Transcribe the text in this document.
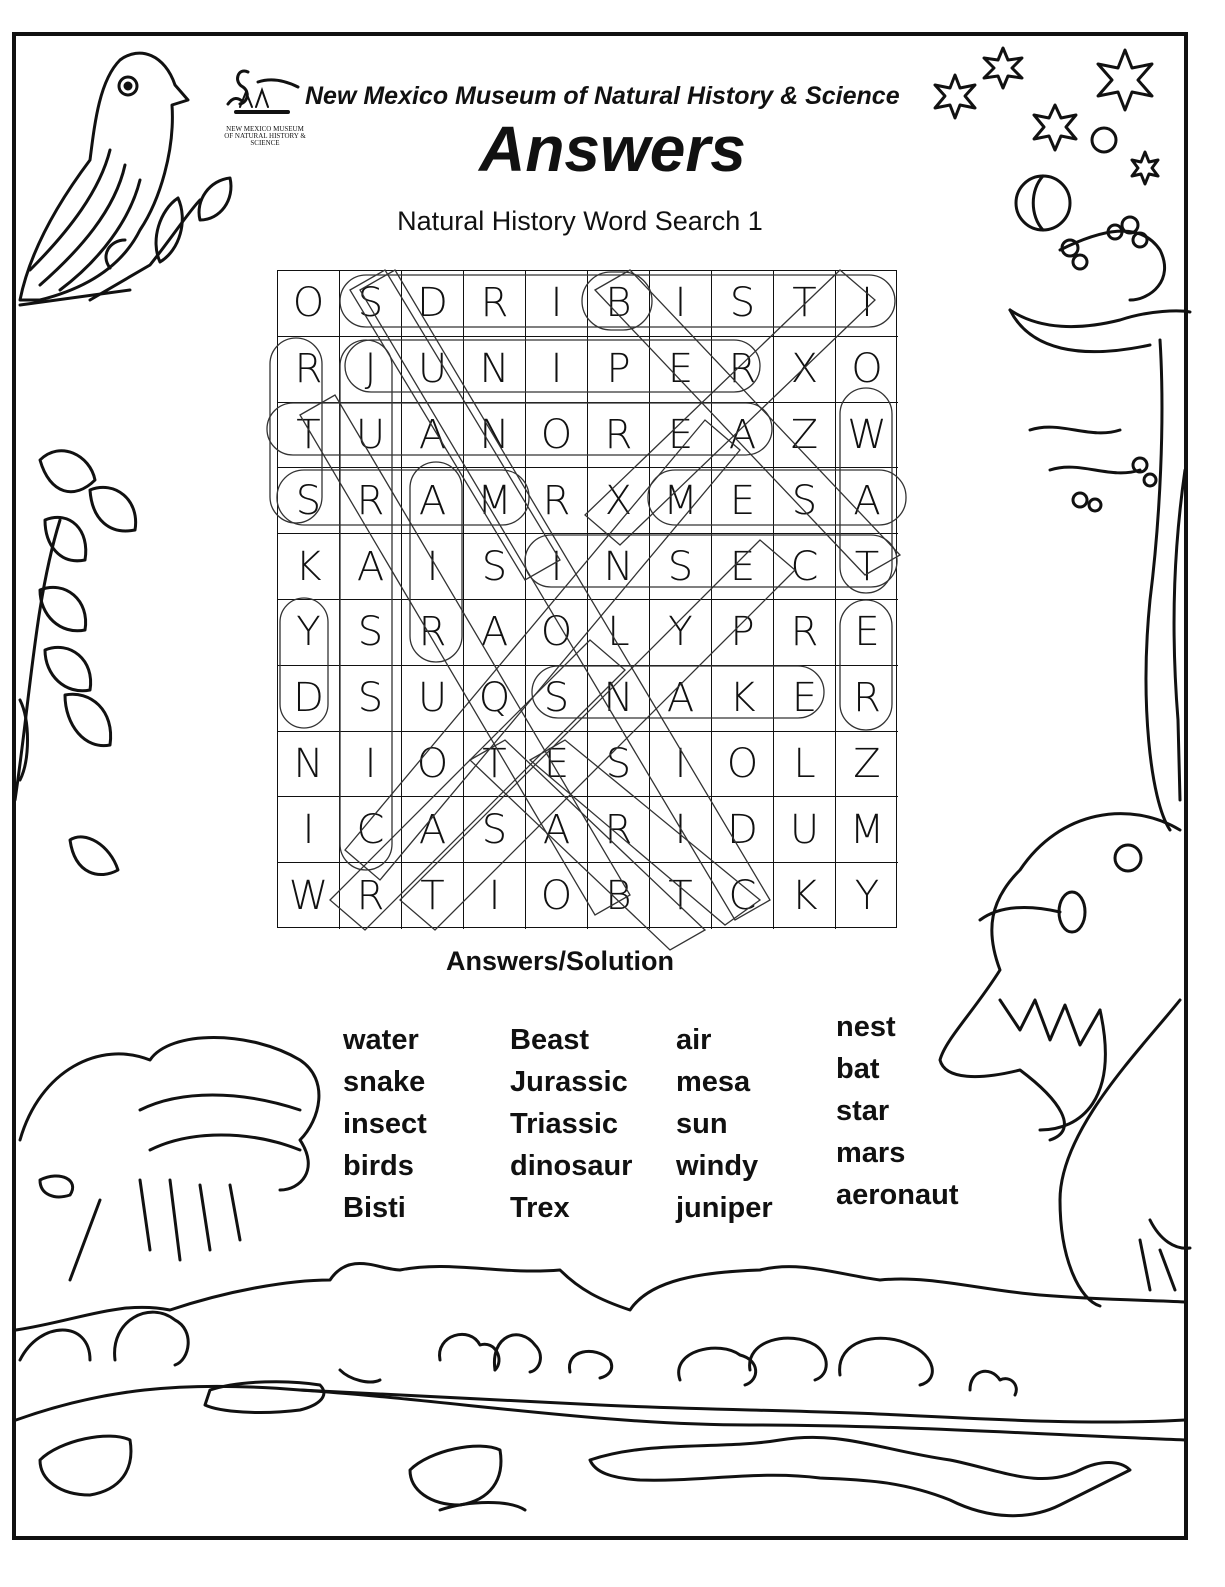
NEW MEXICO MUSEUM OF NATURAL HISTORY & SCIENCE
New Mexico Museum of Natural History & Science
Answers
Natural History Word Search 1
O S D R	I	B	I	S T	I
R	J	U N	I	P E R X O
T U A N O R E A Z W
S R A M R X M E S A
K A	I	S	I	N S E C T
Y S R A O L Y P R E
D S U Q S N A K E R
N	I	O T E S	I	O L Z
I	C A S A R	I	D U M
W R T	I	O B T C K Y
Answers/Solution
water
snake
insect
birds
Bisti
Beast
Jurassic
Triassic
dinosaur
Trex
air
mesa
sun
windy
juniper
nest
bat
star
mars
aeronaut
